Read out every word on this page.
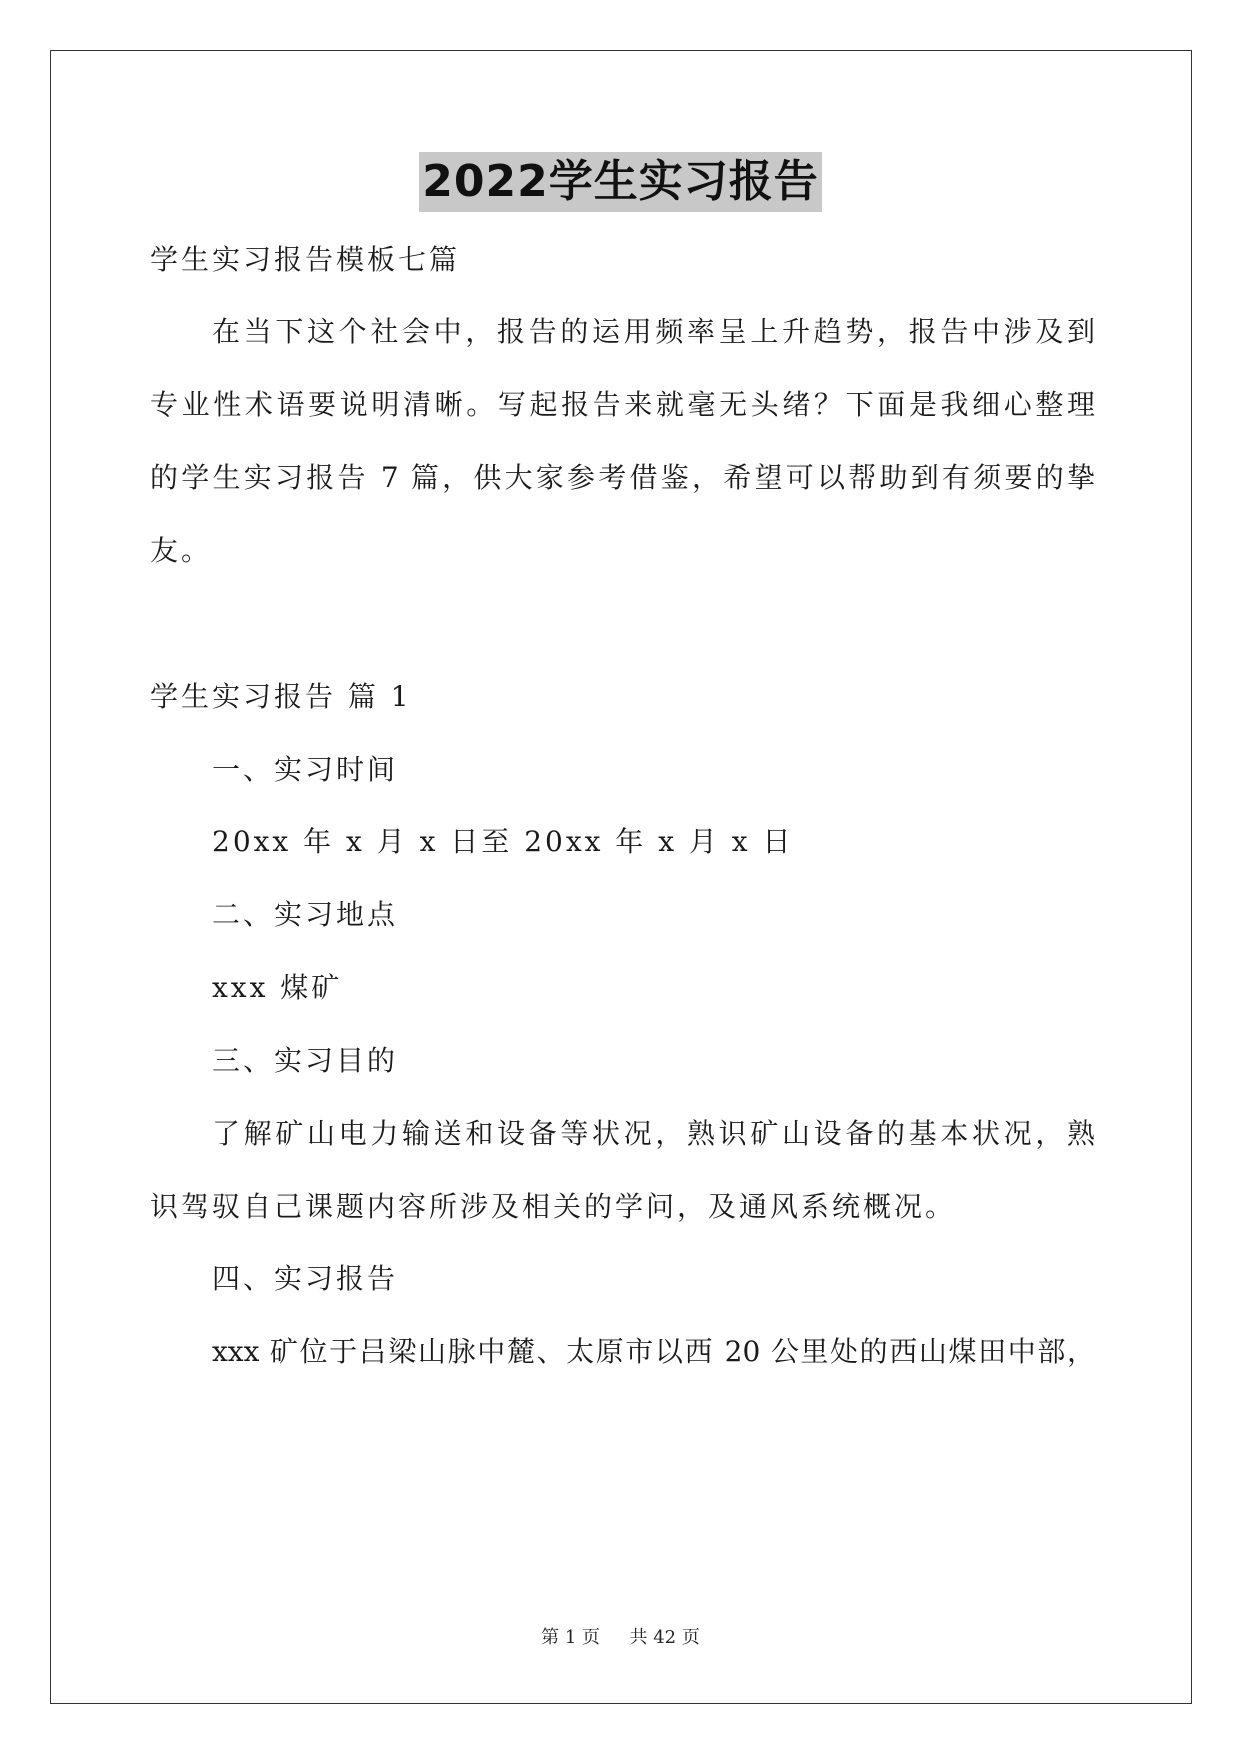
2022学生实习报告
学生实习报告模板七篇
在当下这个社会中，报告的运用频率呈上升趋势，报告中涉及到
专业性术语要说明清晰。写起报告来就毫无头绪？下面是我细心整理
的学生实习报告 7 篇，供大家参考借鉴，希望可以帮助到有须要的挚
友。
学生实习报告 篇 1
一、实习时间
20xx 年 x 月 x 日至 20xx 年 x 月 x 日
二、实习地点
xxx 煤矿
三、实习目的
了解矿山电力输送和设备等状况，熟识矿山设备的基本状况，熟
识驾驭自己课题内容所涉及相关的学问，及通风系统概况。
四、实习报告
xxx 矿位于吕梁山脉中麓、太原市以西 20 公里处的西山煤田中部，
第 1 页 共 42 页
